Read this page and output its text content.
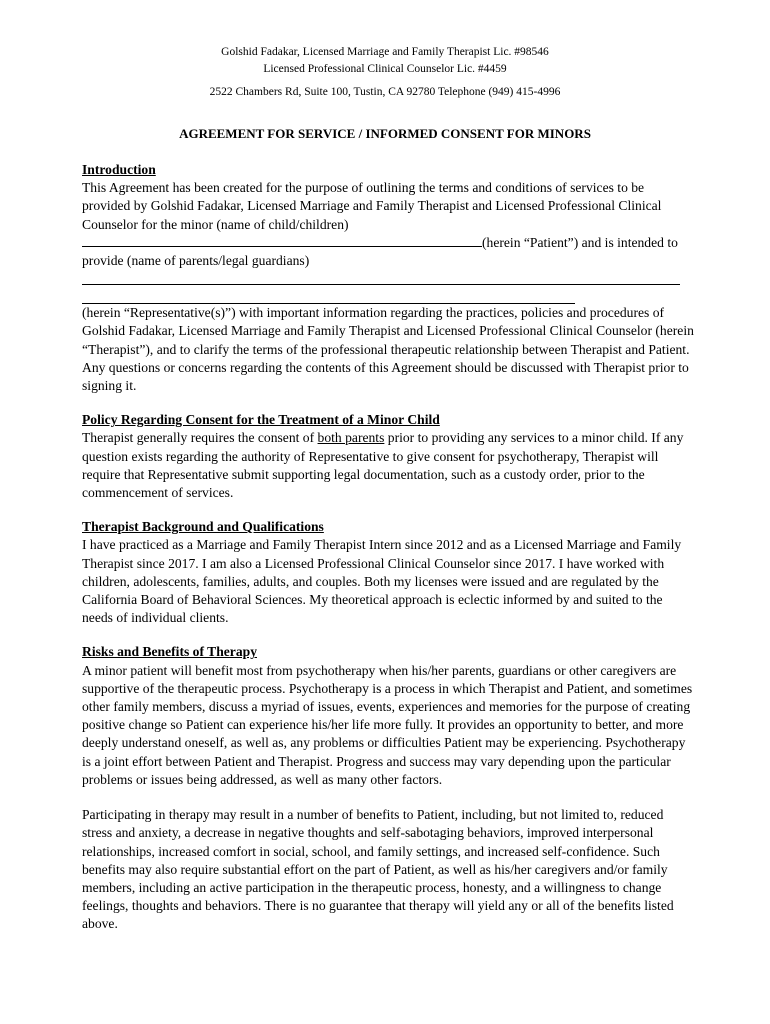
Golshid Fadakar, Licensed Marriage and Family Therapist Lic. #98546
Licensed Professional Clinical Counselor Lic. #4459
2522 Chambers Rd, Suite 100, Tustin, CA 92780 Telephone (949) 415-4996
AGREEMENT FOR SERVICE / INFORMED CONSENT FOR MINORS
Introduction
This Agreement has been created for the purpose of outlining the terms and conditions of services to be provided by Golshid Fadakar, Licensed Marriage and Family Therapist and Licensed Professional Clinical Counselor for the minor (name of child/children) (herein “Patient”) and is intended to provide (name of parents/legal guardians)
(herein “Representative(s)”) with important information regarding the practices, policies and procedures of Golshid Fadakar, Licensed Marriage and Family Therapist and Licensed Professional Clinical Counselor (herein “Therapist”), and to clarify the terms of the professional therapeutic relationship between Therapist and Patient. Any questions or concerns regarding the contents of this Agreement should be discussed with Therapist prior to signing it.
Policy Regarding Consent for the Treatment of a Minor Child
Therapist generally requires the consent of both parents prior to providing any services to a minor child. If any question exists regarding the authority of Representative to give consent for psychotherapy, Therapist will require that Representative submit supporting legal documentation, such as a custody order, prior to the commencement of services.
Therapist Background and Qualifications
I have practiced as a Marriage and Family Therapist Intern since 2012 and as a Licensed Marriage and Family Therapist since 2017. I am also a Licensed Professional Clinical Counselor since 2017. I have worked with children, adolescents, families, adults, and couples. Both my licenses were issued and are regulated by the California Board of Behavioral Sciences. My theoretical approach is eclectic informed by and suited to the needs of individual clients.
Risks and Benefits of Therapy
A minor patient will benefit most from psychotherapy when his/her parents, guardians or other caregivers are supportive of the therapeutic process. Psychotherapy is a process in which Therapist and Patient, and sometimes other family members, discuss a myriad of issues, events, experiences and memories for the purpose of creating positive change so Patient can experience his/her life more fully. It provides an opportunity to better, and more deeply understand oneself, as well as, any problems or difficulties Patient may be experiencing. Psychotherapy is a joint effort between Patient and Therapist. Progress and success may vary depending upon the particular problems or issues being addressed, as well as many other factors.
Participating in therapy may result in a number of benefits to Patient, including, but not limited to, reduced stress and anxiety, a decrease in negative thoughts and self-sabotaging behaviors, improved interpersonal relationships, increased comfort in social, school, and family settings, and increased self-confidence. Such benefits may also require substantial effort on the part of Patient, as well as his/her caregivers and/or family members, including an active participation in the therapeutic process, honesty, and a willingness to change feelings, thoughts and behaviors. There is no guarantee that therapy will yield any or all of the benefits listed above.
